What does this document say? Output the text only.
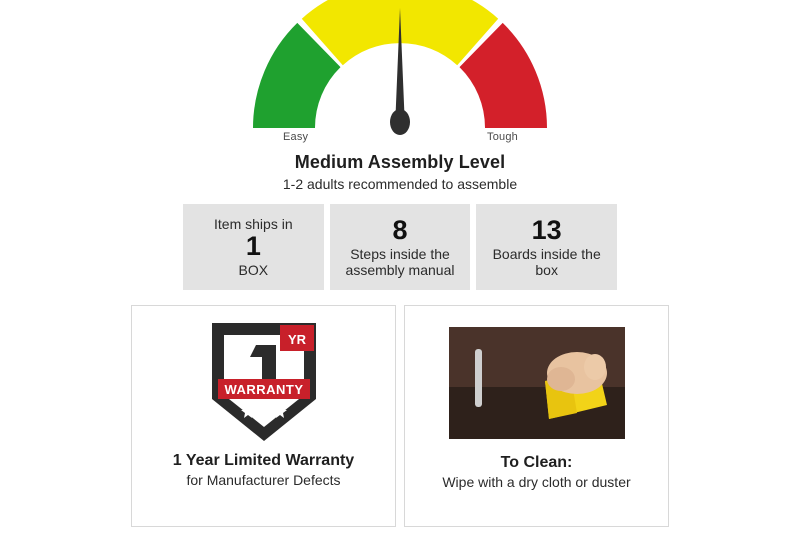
Easy	Tough
Medium Assembly Level
1-2 adults recommended to assemble
Item ships in
1
BOX
8
Steps inside the assembly manual
13
Boards inside the box
YR
WARRANTY
1 Year Limited Warranty
for Manufacturer Defects
To Clean:
Wipe with a dry cloth or duster
